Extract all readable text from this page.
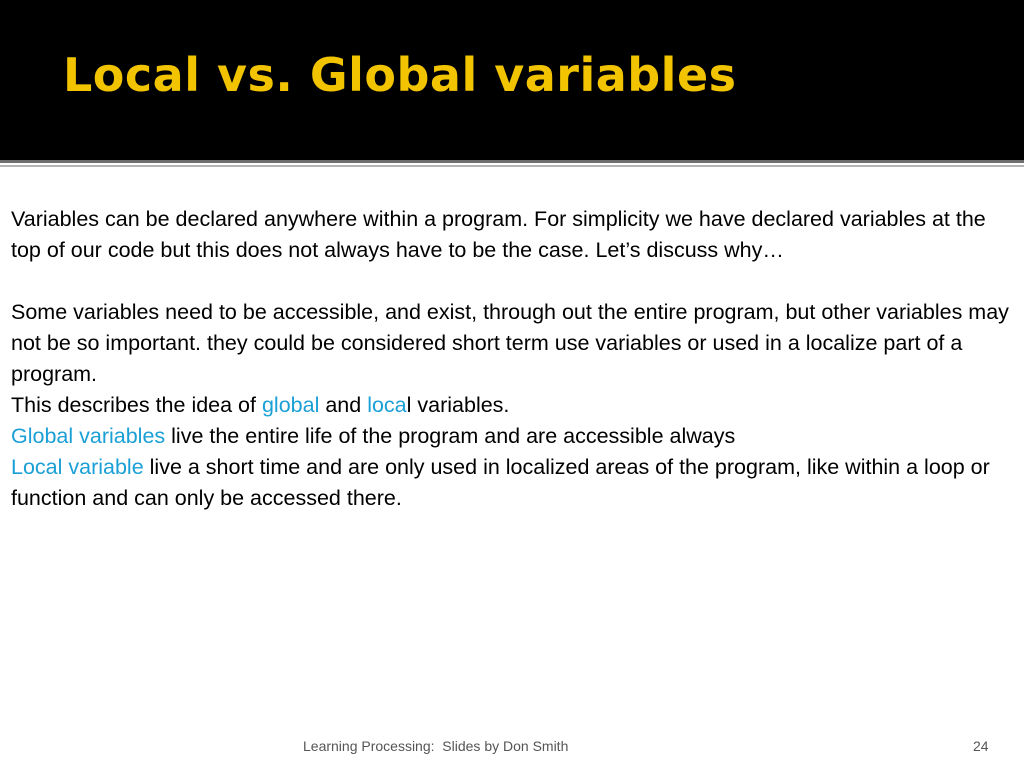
Local vs. Global variables

Variables can be declared anywhere within a program. For simplicity we have declared variables at the top of our code but this does not always have to be the case. Let’s discuss why…

Some variables need to be accessible, and exist, through out the entire program, but other variables may not be so important. they could be considered short term use variables or used in a localize part of a program.

This describes the idea of global and local variables.

Global variables live the entire life of the program and are accessible always

Local variable live a short time and are only used in localized areas of the program, like within a loop or function and can only be accessed there.

Learning Processing:  Slides by Don Smith	24
